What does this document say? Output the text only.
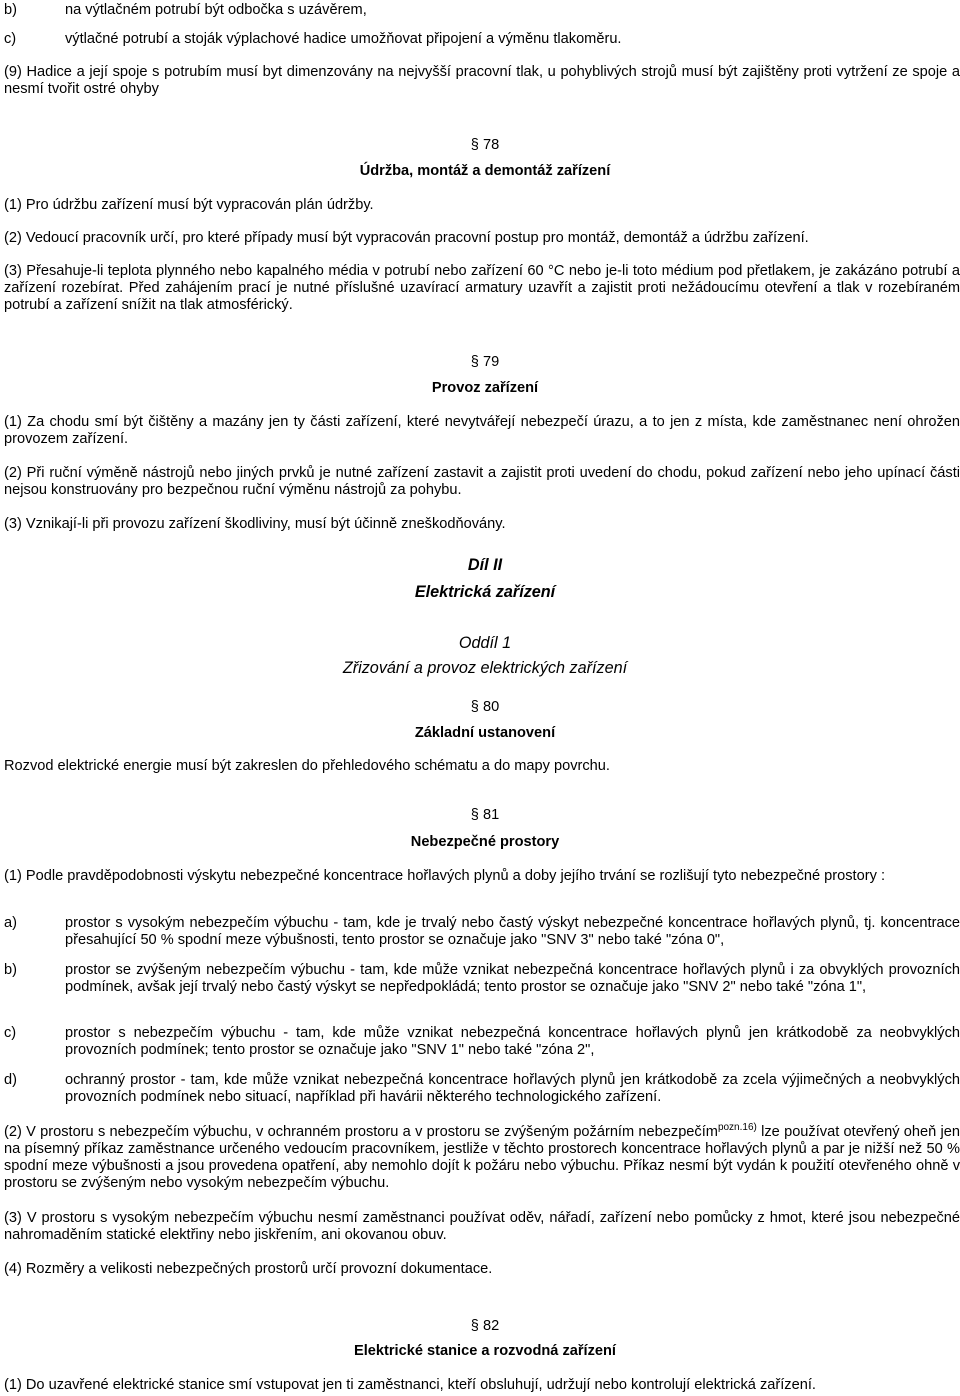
b)	na výtlačném potrubí být odbočka s uzávěrem,
c)	výtlačné potrubí a stoják výplachové hadice umožňovat připojení a výměnu tlakoměru.
(9) Hadice a její spoje s potrubím musí byt dimenzovány na nejvyšší pracovní tlak, u pohyblivých strojů musí být zajištěny proti vytržení ze spoje a nesmí tvořit ostré ohyby
§ 78
Údržba, montáž a demontáž zařízení
(1) Pro údržbu zařízení musí být vypracován plán údržby.
(2) Vedoucí pracovník určí, pro které případy musí být vypracován pracovní postup pro montáž, demontáž a údržbu zařízení.
(3) Přesahuje-li teplota plynného nebo kapalného média v potrubí nebo zařízení 60 °C nebo je-li toto médium pod přetlakem, je zakázáno potrubí a zařízení rozebírat. Před zahájením prací je nutné příslušné uzavírací armatury uzavřít a zajistit proti nežádoucímu otevření a tlak v rozebíraném potrubí a zařízení snížit na tlak atmosférický.
§ 79
Provoz zařízení
(1) Za chodu smí být čištěny a mazány jen ty části zařízení, které nevytvářejí nebezpečí úrazu, a to jen z místa, kde zaměstnanec není ohrožen provozem zařízení.
(2) Při ruční výměně nástrojů nebo jiných prvků je nutné zařízení zastavit a zajistit proti uvedení do chodu, pokud zařízení nebo jeho upínací části nejsou konstruovány pro bezpečnou ruční výměnu nástrojů za pohybu.
(3) Vznikají-li při provozu zařízení škodliviny, musí být účinně zneškodňovány.
Díl II
Elektrická zařízení
Oddíl 1
Zřizování a provoz elektrických zařízení
§ 80
Základní ustanovení
Rozvod elektrické energie musí být zakreslen do přehledového schématu a do mapy povrchu.
§ 81
Nebezpečné prostory
(1) Podle pravděpodobnosti výskytu nebezpečné koncentrace hořlavých plynů a doby jejího trvání se rozlišují tyto nebezpečné prostory :
a)	prostor s vysokým nebezpečím výbuchu - tam, kde je trvalý nebo častý výskyt nebezpečné koncentrace hořlavých plynů, tj. koncentrace přesahující 50 % spodní meze výbušnosti, tento prostor se označuje jako "SNV 3" nebo také "zóna 0",
b)	prostor se zvýšeným nebezpečím výbuchu - tam, kde může vznikat nebezpečná koncentrace hořlavých plynů i za obvyklých provozních podmínek, avšak její trvalý nebo častý výskyt se nepředpokládá; tento prostor se označuje jako "SNV 2" nebo také "zóna 1",
c)	prostor s nebezpečím výbuchu - tam, kde může vznikat nebezpečná koncentrace hořlavých plynů jen krátkodobě za neobvyklých provozních podmínek; tento prostor se označuje jako "SNV 1" nebo také "zóna 2",
d)	ochranný prostor - tam, kde může vznikat nebezpečná koncentrace hořlavých plynů jen krátkodobě za zcela výjimečných a neobvyklých provozních podmínek nebo situací, například při havárii některého technologického zařízení.
(2) V prostoru s nebezpečím výbuchu, v ochranném prostoru a v prostoru se zvýšeným požárním nebezpečím$^{pozn.16)}$ lze používat otevřený oheň jen na písemný příkaz zaměstnance určeného vedoucím pracovníkem, jestliže v těchto prostorech koncentrace hořlavých plynů a par je nižší než 50 % spodní meze výbušnosti a jsou provedena opatření, aby nemohlo dojít k požáru nebo výbuchu. Příkaz nesmí být vydán k použití otevřeného ohně v prostoru se zvýšeným nebo vysokým nebezpečím výbuchu.
(3) V prostoru s vysokým nebezpečím výbuchu nesmí zaměstnanci používat oděv, nářadí, zařízení nebo pomůcky z hmot, které jsou nebezpečné nahromaděním statické elektřiny nebo jiskřením, ani okovanou obuv.
(4) Rozměry a velikosti nebezpečných prostorů určí provozní dokumentace.
§ 82
Elektrické stanice a rozvodná zařízení
(1) Do uzavřené elektrické stanice smí vstupovat jen ti zaměstnanci, kteří obsluhují, udržují nebo kontrolují elektrická zařízení.
